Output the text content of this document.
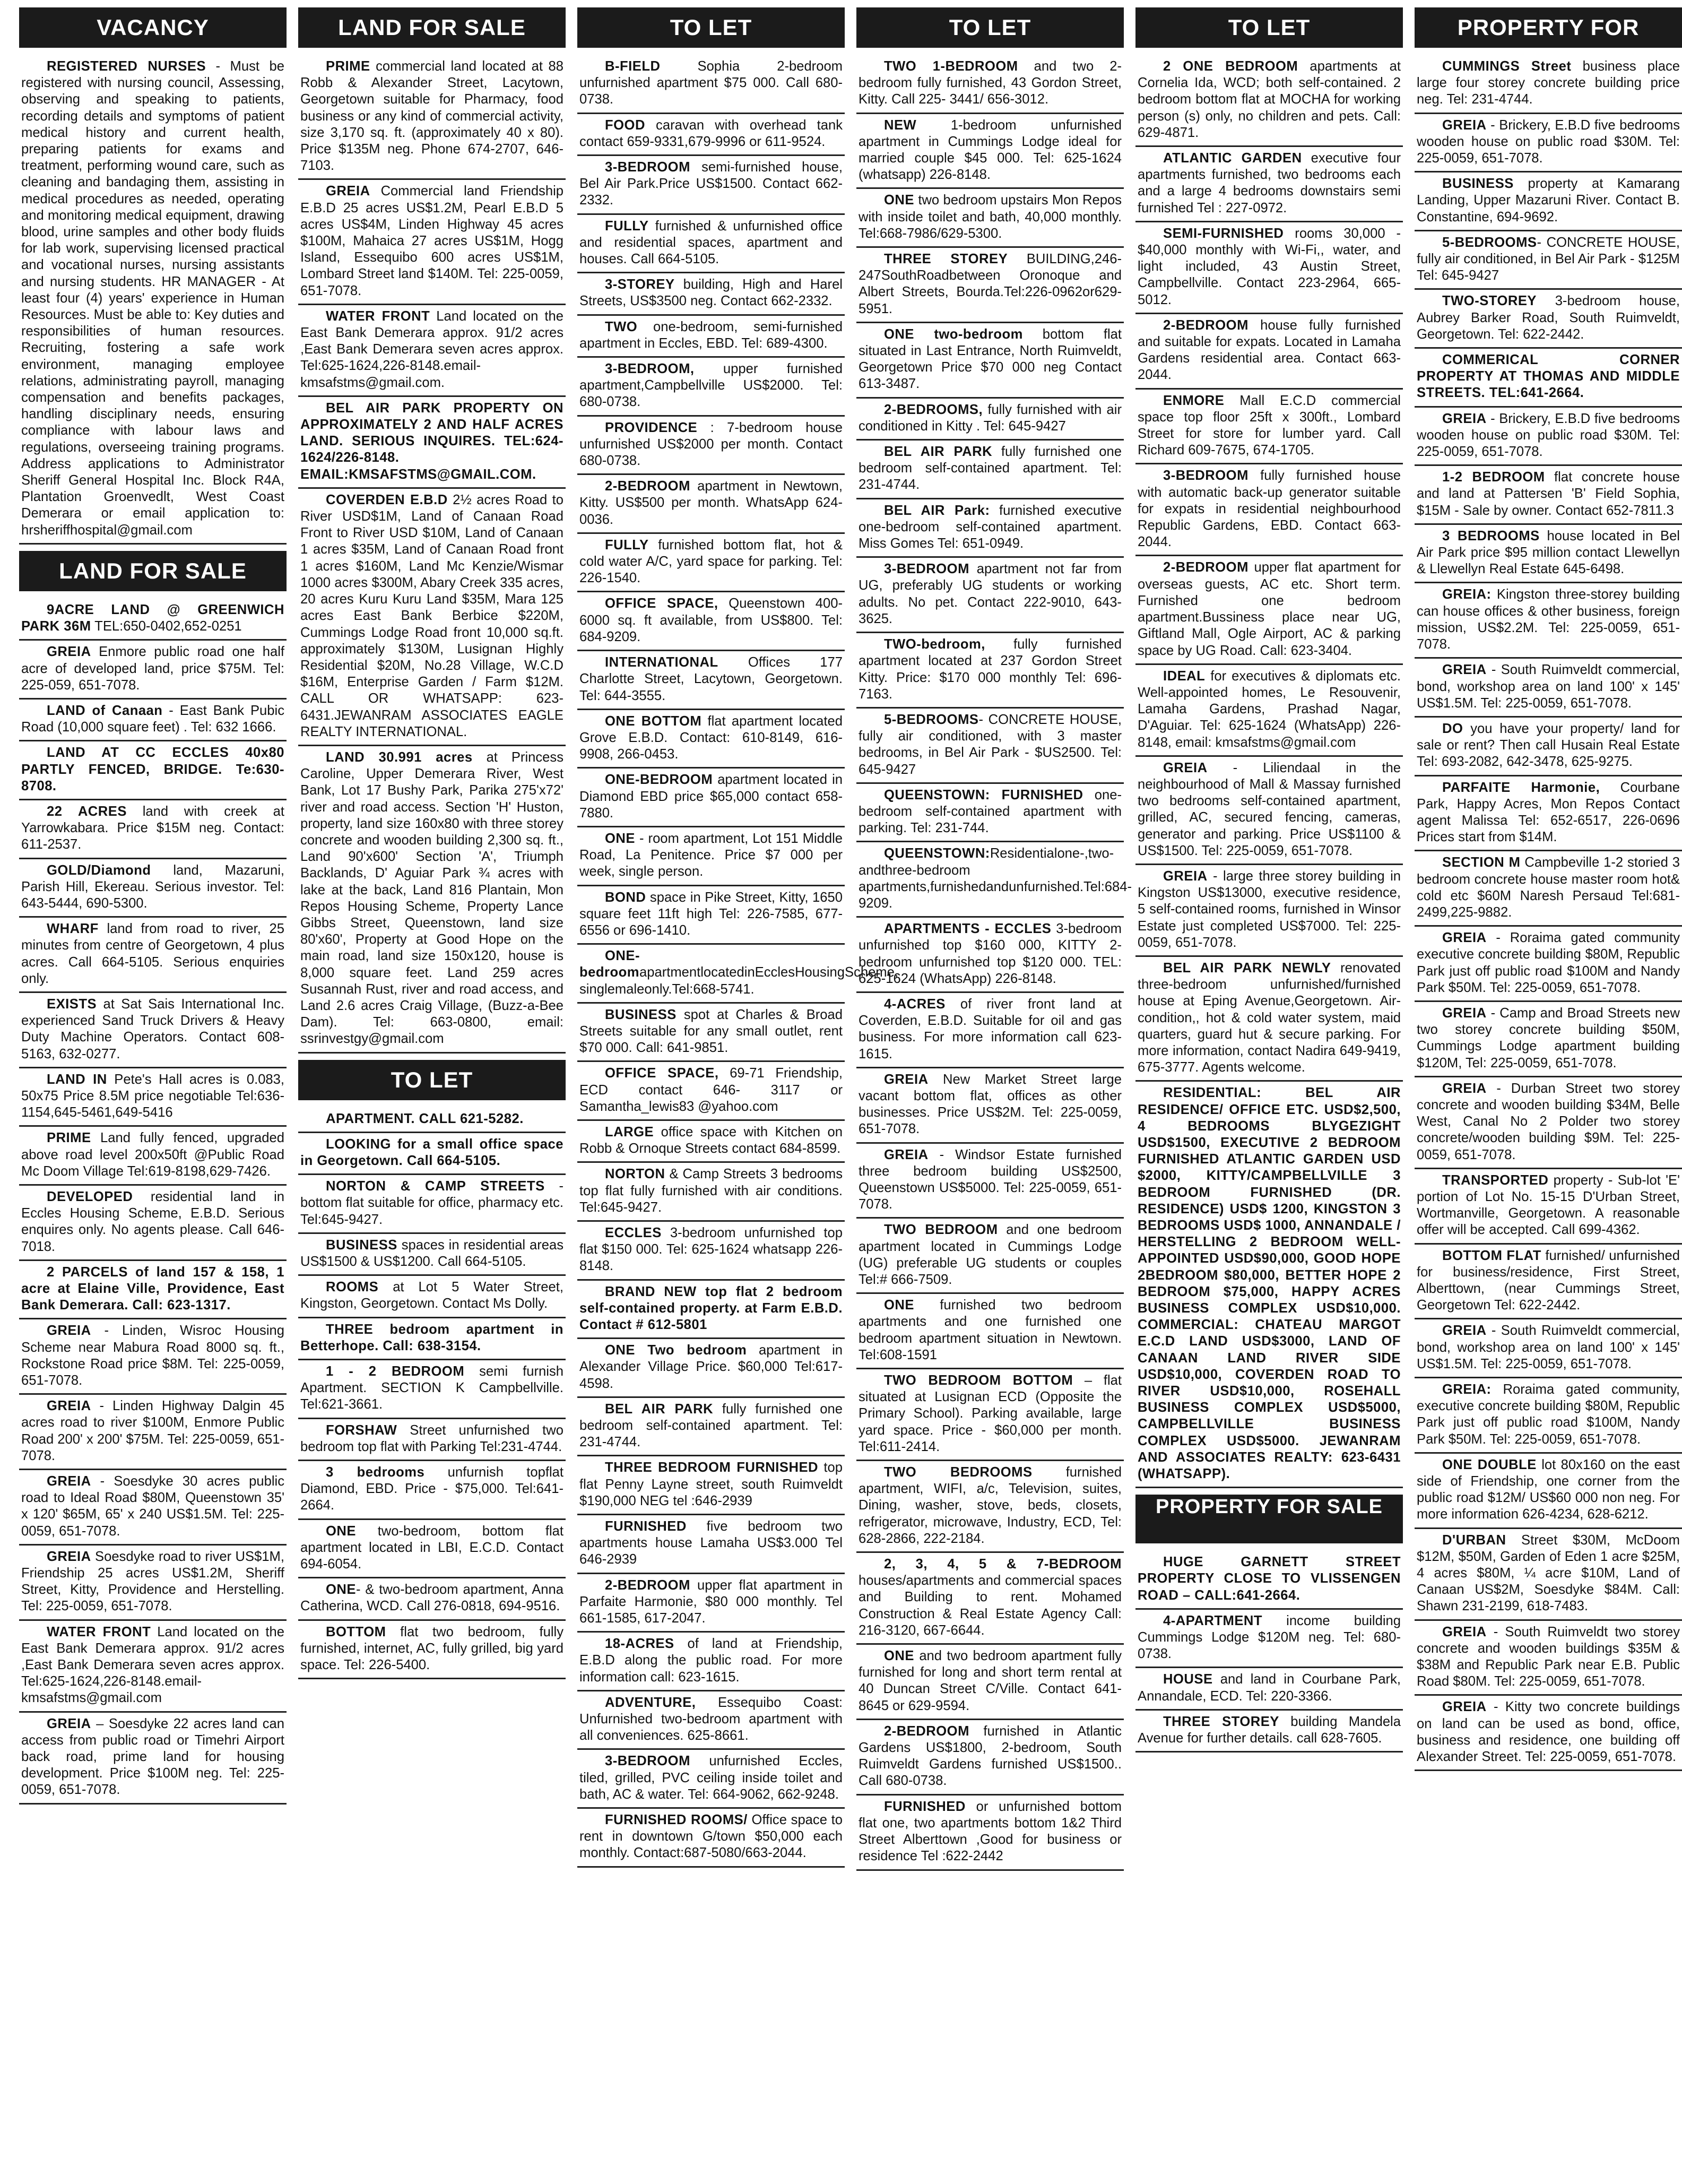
VACANCY
REGISTERED NURSES - Must be registered with nursing council, Assessing, observing and speaking to patients, recording details and symptoms of patient medical history and current health, preparing patients for exams and treatment, performing wound care, such as cleaning and bandaging them, assisting in medical procedures as needed, operating and monitoring medical equipment, drawing blood, urine samples and other body fluids for lab work, supervising licensed practical and vocational nurses, nursing assistants and nursing students. HR MANAGER - At least four (4) years' experience in Human Resources. Must be able to: Key duties and responsibilities of human resources. Recruiting, fostering a safe work environment, managing employee relations, administrating payroll, managing compensation and benefits packages, handling disciplinary needs, ensuring compliance with labour laws and regulations, overseeing training programs. Address applications to Administrator Sheriff General Hospital Inc. Block R4A, Plantation Groenvedlt, West Coast Demerara or email application to: hrsheriffhospital@gmail.com
LAND FOR SALE
9ACRE LAND @ GREENWICH PARK 36M TEL:650-0402,652-0251
GREIA Enmore public road one half acre of developed land, price $75M. Tel: 225-059, 651-7078.
LAND of Canaan - East Bank Pubic Road (10,000 square feet) . Tel: 632 1666.
LAND AT CC ECCLES 40x80 PARTLY FENCED, BRIDGE. Te:630-8708.
22 ACRES land with creek at Yarrowkabara. Price $15M neg. Contact: 611-2537.
GOLD/Diamond land, Mazaruni, Parish Hill, Ekereau. Serious investor. Tel: 643-5444, 690-5300.
WHARF land from road to river, 25 minutes from centre of Georgetown, 4 plus acres. Call 664-5105. Serious enquiries only.
EXISTS at Sat Sais International Inc. experienced Sand Truck Drivers & Heavy Duty Machine Operators. Contact 608-5163, 632-0277.
LAND IN Pete's Hall acres is 0.083, 50x75 Price 8.5M price negotiable Tel:636-1154,645-5461,649-5416
PRIME Land fully fenced, upgraded above road level 200x50ft @Public Road Mc Doom Village Tel:619-8198,629-7426.
DEVELOPED residential land in Eccles Housing Scheme, E.B.D. Serious enquires only. No agents please. Call 646-7018.
2 PARCELS of land 157 & 158, 1 acre at Elaine Ville, Providence, East Bank Demerara. Call: 623-1317.
GREIA - Linden, Wisroc Housing Scheme near Mabura Road 8000 sq. ft., Rockstone Road price $8M. Tel: 225-0059, 651-7078.
GREIA - Linden Highway Dalgin 45 acres road to river $100M, Enmore Public Road 200' x 200' $75M. Tel: 225-0059, 651-7078.
GREIA - Soesdyke 30 acres public road to Ideal Road $80M, Queenstown 35' x 120' $65M, 65' x 240 US$1.5M. Tel: 225-0059, 651-7078.
GREIA Soesdyke road to river US$1M, Friendship 25 acres US$1.2M, Sheriff Street, Kitty, Providence and Herstelling. Tel: 225-0059, 651-7078.
WATER FRONT Land located on the East Bank Demerara approx. 91/2 acres ,East Bank Demerara seven acres approx. Tel:625-1624,226-8148.email-kmsafstms@gmail.com
GREIA – Soesdyke 22 acres land can access from public road or Timehri Airport back road, prime land for housing development. Price $100M neg. Tel: 225-0059, 651-7078.
LAND FOR SALE
PRIME commercial land located at 88 Robb & Alexander Street, Lacytown, Georgetown suitable for Pharmacy, food business or any kind of commercial activity, size 3,170 sq. ft. (approximately 40 x 80). Price $135M neg. Phone 674-2707, 646-7103.
GREIA Commercial land Friendship E.B.D 25 acres US$1.2M, Pearl E.B.D 5 acres US$4M, Linden Highway 45 acres $100M, Mahaica 27 acres US$1M, Hogg Island, Essequibo 600 acres US$1M, Lombard Street land $140M. Tel: 225-0059, 651-7078.
WATER FRONT Land located on the East Bank Demerara approx. 91/2 acres ,East Bank Demerara seven acres approx. Tel:625-1624,226-8148.email-kmsafstms@gmail.com.
BEL AIR PARK PROPERTY ON APPROXIMATELY 2 AND HALF ACRES LAND. SERIOUS INQUIRES. TEL:624-1624/226-8148. EMAIL:KMSAFSTMS@GMAIL.COM.
COVERDEN E.B.D 2½ acres Road to River USD$1M, Land of Canaan Road Front to River USD $10M, Land of Canaan 1 acres $35M, Land of Canaan Road front 1 acres $160M, Land Mc Kenzie/Wismar 1000 acres $300M, Abary Creek 335 acres, 20 acres Kuru Kuru Land $35M, Mara 125 acres East Bank Berbice $220M, Cummings Lodge Road front 10,000 sq.ft. approximately $130M, Lusignan Highly Residential $20M, No.28 Village, W.C.D $16M, Enterprise Garden / Farm $12M. CALL OR WHATSAPP: 623-6431.JEWANRAM ASSOCIATES EAGLE REALTY INTERNATIONAL.
LAND 30.991 acres at Princess Caroline, Upper Demerara River, West Bank, Lot 17 Bushy Park, Parika 275'x72' river and road access. Section 'H' Huston, property, land size 160x80 with three storey concrete and wooden building 2,300 sq. ft., Land 90'x600' Section 'A', Triumph Backlands, D' Aguiar Park ¾ acres with lake at the back, Land 816 Plantain, Mon Repos Housing Scheme, Property Lance Gibbs Street, Queenstown, land size 80'x60', Property at Good Hope on the main road, land size 150x120, house is 8,000 square feet. Land 259 acres Susannah Rust, river and road access, and Land 2.6 acres Craig Village, (Buzz-a-Bee Dam). Tel: 663-0800, email: ssrinvestgy@gmail.com
TO LET
APARTMENT. CALL 621-5282.
LOOKING for a small office space in Georgetown. Call 664-5105.
NORTON & CAMP STREETS - bottom flat suitable for office, pharmacy etc. Tel:645-9427.
BUSINESS spaces in residential areas US$1500 & US$1200. Call 664-5105.
ROOMS at Lot 5 Water Street, Kingston, Georgetown. Contact Ms Dolly.
THREE bedroom apartment in Betterhope. Call: 638-3154.
1 - 2 BEDROOM semi furnish Apartment. SECTION K Campbellville. Tel:621-3661.
FORSHAW Street unfurnished two bedroom top flat with Parking Tel:231-4744.
3 bedrooms unfurnish topflat Diamond, EBD. Price - $75,000. Tel:641-2664.
ONE two-bedroom, bottom flat apartment located in LBI, E.C.D. Contact 694-6054.
ONE- & two-bedroom apartment, Anna Catherina, WCD. Call 276-0818, 694-9516.
BOTTOM flat two bedroom, fully furnished, internet, AC, fully grilled, big yard space. Tel: 226-5400.
TO LET
B-FIELD Sophia 2-bedroom unfurnished apartment $75 000. Call 680-0738.
FOOD caravan with overhead tank contact 659-9331,679-9996 or 611-9524.
3-BEDROOM semi-furnished house, Bel Air Park.Price US$1500. Contact 662-2332.
FULLY furnished & unfurnished office and residential spaces, apartment and houses. Call 664-5105.
3-STOREY building, High and Harel Streets, US$3500 neg. Contact 662-2332.
TWO one-bedroom, semi-furnished apartment in Eccles, EBD. Tel: 689-4300.
3-BEDROOM, upper furnished apartment,Campbellville US$2000. Tel: 680-0738.
PROVIDENCE : 7-bedroom house unfurnished US$2000 per month. Contact 680-0738.
2-BEDROOM apartment in Newtown, Kitty. US$500 per month. WhatsApp 624-0036.
FULLY furnished bottom flat, hot & cold water A/C, yard space for parking. Tel: 226-1540.
OFFICE SPACE, Queenstown 400-6000 sq. ft available, from US$800. Tel: 684-9209.
INTERNATIONAL Offices 177 Charlotte Street, Lacytown, Georgetown. Tel: 644-3555.
ONE BOTTOM flat apartment located Grove E.B.D. Contact: 610-8149, 616-9908, 266-0453.
ONE-BEDROOM apartment located in Diamond EBD price $65,000 contact 658-7880.
ONE - room apartment, Lot 151 Middle Road, La Penitence. Price $7 000 per week, single person.
BOND space in Pike Street, Kitty, 1650 square feet 11ft high Tel: 226-7585, 677-6556 or 696-1410.
ONE-bedroomapartmentlocatedinEcclesHousingScheme, singlemaleonly.Tel:668-5741.
BUSINESS spot at Charles & Broad Streets suitable for any small outlet, rent $70 000. Call: 641-9851.
OFFICE SPACE, 69-71 Friendship, ECD contact 646- 3117 or Samantha_lewis83 @yahoo.com
LARGE office space with Kitchen on Robb & Ornoque Streets contact 684-8599.
NORTON & Camp Streets 3 bedrooms top flat fully furnished with air conditions. Tel:645-9427.
ECCLES 3-bedroom unfurnished top flat $150 000. Tel: 625-1624 whatsapp 226-8148.
BRAND NEW top flat 2 bedroom self-contained property. at Farm E.B.D. Contact # 612-5801
ONE Two bedroom apartment in Alexander Village Price. $60,000 Tel:617-4598.
BEL AIR PARK fully furnished one bedroom self-contained apartment. Tel: 231-4744.
THREE BEDROOM FURNISHED top flat Penny Layne street, south Ruimveldt $190,000 NEG tel :646-2939
FURNISHED five bedroom two apartments house Lamaha US$3.000 Tel 646-2939
2-BEDROOM upper flat apartment in Parfaite Harmonie, $80 000 monthly. Tel 661-1585, 617-2047.
18-ACRES of land at Friendship, E.B.D along the public road. For more information call: 623-1615.
ADVENTURE, Essequibo Coast: Unfurnished two-bedroom apartment with all conveniences. 625-8661.
3-BEDROOM unfurnished Eccles, tiled, grilled, PVC ceiling inside toilet and bath, AC & water. Tel: 664-9062, 662-9248.
FURNISHED ROOMS/ Office space to rent in downtown G/town $50,000 each monthly. Contact:687-5080/663-2044.
TO LET
TWO 1-BEDROOM and two 2-bedroom fully furnished, 43 Gordon Street, Kitty. Call 225- 3441/ 656-3012.
NEW 1-bedroom unfurnished apartment in Cummings Lodge ideal for married couple $45 000. Tel: 625-1624 (whatsapp) 226-8148.
ONE two bedroom upstairs Mon Repos with inside toilet and bath, 40,000 monthly. Tel:668-7986/629-5300.
THREE STOREY BUILDING,246-247SouthRoadbetween Oronoque and Albert Streets, Bourda.Tel:226-0962or629-5951.
ONE two-bedroom bottom flat situated in Last Entrance, North Ruimveldt, Georgetown Price $70 000 neg Contact 613-3487.
2-BEDROOMS, fully furnished with air conditioned in Kitty . Tel: 645-9427
BEL AIR PARK fully furnished one bedroom self-contained apartment. Tel: 231-4744.
BEL AIR Park: furnished executive one-bedroom self-contained apartment. Miss Gomes Tel: 651-0949.
3-BEDROOM apartment not far from UG, preferably UG students or working adults. No pet. Contact 222-9010, 643-3625.
TWO-bedroom, fully furnished apartment located at 237 Gordon Street Kitty. Price: $170 000 monthly Tel: 696-7163.
5-BEDROOMS- CONCRETE HOUSE, fully air conditioned, with 3 master bedrooms, in Bel Air Park - $US2500. Tel: 645-9427
QUEENSTOWN: FURNISHED one-bedroom self-contained apartment with parking. Tel: 231-744.
QUEENSTOWN:Residentialone-,two-andthree-bedroom apartments,furnishedandunfurnished.Tel:684-9209.
APARTMENTS - ECCLES 3-bedroom unfurnished top $160 000, KITTY 2-bedroom unfurnished top $120 000. TEL: 625-1624 (WhatsApp) 226-8148.
4-ACRES of river front land at Coverden, E.B.D. Suitable for oil and gas business. For more information call 623-1615.
GREIA New Market Street large vacant bottom flat, offices as other businesses. Price US$2M. Tel: 225-0059, 651-7078.
GREIA - Windsor Estate furnished three bedroom building US$2500, Queenstown US$5000. Tel: 225-0059, 651-7078.
TWO BEDROOM and one bedroom apartment located in Cummings Lodge (UG) preferable UG students or couples Tel:# 666-7509.
ONE furnished two bedroom apartments and one furnished one bedroom apartment situation in Newtown. Tel:608-1591
TWO BEDROOM BOTTOM – flat situated at Lusignan ECD (Opposite the Primary School). Parking available, large yard space. Price - $60,000 per month. Tel:611-2414.
TWO BEDROOMS furnished apartment, WIFI, a/c, Television, suites, Dining, washer, stove, beds, closets, refrigerator, microwave, Industry, ECD, Tel: 628-2866, 222-2184.
2, 3, 4, 5 & 7-BEDROOM houses/apartments and commercial spaces and Building to rent. Mohamed Construction & Real Estate Agency Call: 216-3120, 667-6644.
ONE and two bedroom apartment fully furnished for long and short term rental at 40 Duncan Street C/Ville. Contact 641-8645 or 629-9594.
2-BEDROOM furnished in Atlantic Gardens US$1800, 2-bedroom, South Ruimveldt Gardens furnished US$1500.. Call 680-0738.
FURNISHED or unfurnished bottom flat one, two apartments bottom 1&2 Third Street Alberttown ,Good for business or residence Tel :622-2442
TO LET
2 ONE BEDROOM apartments at Cornelia Ida, WCD; both self-contained. 2 bedroom bottom flat at MOCHA for working person (s) only, no children and pets. Call: 629-4871.
ATLANTIC GARDEN executive four apartments furnished, two bedrooms each and a large 4 bedrooms downstairs semi furnished Tel : 227-0972.
SEMI-FURNISHED rooms 30,000 - $40,000 monthly with Wi-Fi,, water, and light included, 43 Austin Street, Campbellville. Contact 223-2964, 665-5012.
2-BEDROOM house fully furnished and suitable for expats. Located in Lamaha Gardens residential area. Contact 663-2044.
ENMORE Mall E.C.D commercial space top floor 25ft x 300ft., Lombard Street for store for lumber yard. Call Richard 609-7675, 674-1705.
3-BEDROOM fully furnished house with automatic back-up generator suitable for expats in residential neighbourhood Republic Gardens, EBD. Contact 663-2044.
2-BEDROOM upper flat apartment for overseas guests, AC etc. Short term. Furnished one bedroom apartment.Bussiness place near UG, Giftland Mall, Ogle Airport, AC & parking space by UG Road. Call: 623-3404.
IDEAL for executives & diplomats etc. Well-appointed homes, Le Resouvenir, Lamaha Gardens, Prashad Nagar, D'Aguiar. Tel: 625-1624 (WhatsApp) 226-8148, email: kmsafstms@gmail.com
GREIA - Liliendaal in the neighbourhood of Mall & Massay furnished two bedrooms self-contained apartment, grilled, AC, secured fencing, cameras, generator and parking. Price US$1100 & US$1500. Tel: 225-0059, 651-7078.
GREIA - large three storey building in Kingston US$13000, executive residence, 5 self-contained rooms, furnished in Winsor Estate just completed US$7000. Tel: 225-0059, 651-7078.
BEL AIR PARK NEWLY renovated three-bedroom unfurnished/furnished house at Eping Avenue,Georgetown. Air-condition,, hot & cold water system, maid quarters, guard hut & secure parking. For more information, contact Nadira 649-9419, 675-3777. Agents welcome.
RESIDENTIAL: BEL AIR RESIDENCE/ OFFICE ETC. USD$2,500, 4 BEDROOMS BLYGEZIGHT USD$1500, EXECUTIVE 2 BEDROOM FURNISHED ATLANTIC GARDEN USD $2000, KITTY/CAMPBELLVILLE 3 BEDROOM FURNISHED (DR. RESIDENCE) USD$ 1200, KINGSTON 3 BEDROOMS USD$ 1000, ANNANDALE / HERSTELLING 2 BEDROOM WELL- APPOINTED USD$90,000, GOOD HOPE 2BEDROOM $80,000, BETTER HOPE 2 BEDROOM $75,000, HAPPY ACRES BUSINESS COMPLEX USD$10,000. COMMERCIAL: CHATEAU MARGOT E.C.D LAND USD$3000, LAND OF CANAAN LAND RIVER SIDE USD$10,000, COVERDEN ROAD TO RIVER USD$10,000, ROSEHALL BUSINESS COMPLEX USD$5000, CAMPBELLVILLE BUSINESS COMPLEX USD$5000. JEWANRAM AND ASSOCIATES REALTY: 623-6431 (WHATSAPP).
PROPERTY FOR SALE
HUGE GARNETT STREET PROPERTY CLOSE TO VLISSENGEN ROAD – CALL:641-2664.
4-APARTMENT income building Cummings Lodge $120M neg. Tel: 680-0738.
HOUSE and land in Courbane Park, Annandale, ECD. Tel: 220-3366.
THREE STOREY building Mandela Avenue for further details. call 628-7605.
PROPERTY FOR
CUMMINGS Street business place large four storey concrete building price neg. Tel: 231-4744.
GREIA - Brickery, E.B.D five bedrooms wooden house on public road $30M. Tel: 225-0059, 651-7078.
BUSINESS property at Kamarang Landing, Upper Mazaruni River. Contact B. Constantine, 694-9692.
5-BEDROOMS- CONCRETE HOUSE, fully air conditioned, in Bel Air Park - $125M Tel: 645-9427
TWO-STOREY 3-bedroom house, Aubrey Barker Road, South Ruimveldt, Georgetown. Tel: 622-2442.
COMMERICAL CORNER PROPERTY AT THOMAS AND MIDDLE STREETS. TEL:641-2664.
GREIA - Brickery, E.B.D five bedrooms wooden house on public road $30M. Tel: 225-0059, 651-7078.
1-2 BEDROOM flat concrete house and land at Pattersen 'B' Field Sophia, $15M - Sale by owner. Contact 652-7811.3
3 BEDROOMS house located in Bel Air Park price $95 million contact Llewellyn & Llewellyn Real Estate 645-6498.
GREIA: Kingston three-storey building can house offices & other business, foreign mission, US$2.2M. Tel: 225-0059, 651-7078.
GREIA - South Ruimveldt commercial, bond, workshop area on land 100' x 145' US$1.5M. Tel: 225-0059, 651-7078.
DO you have your property/ land for sale or rent? Then call Husain Real Estate Tel: 693-2082, 642-3478, 625-9275.
PARFAITE Harmonie, Courbane Park, Happy Acres, Mon Repos Contact agent Malissa Tel: 652-6517, 226-0696 Prices start from $14M.
SECTION M Campbeville 1-2 storied 3 bedroom concrete house master room hot& cold etc $60M Naresh Persaud Tel:681-2499,225-9882.
GREIA - Roraima gated community executive concrete building $80M, Republic Park just off public road $100M and Nandy Park $50M. Tel: 225-0059, 651-7078.
GREIA - Camp and Broad Streets new two storey concrete building $50M, Cummings Lodge apartment building $120M, Tel: 225-0059, 651-7078.
GREIA - Durban Street two storey concrete and wooden building $34M, Belle West, Canal No 2 Polder two storey concrete/wooden building $9M. Tel: 225-0059, 651-7078.
TRANSPORTED property - Sub-lot 'E' portion of Lot No. 15-15 D'Urban Street, Wortmanville, Georgetown. A reasonable offer will be accepted. Call 699-4362.
BOTTOM FLAT furnished/ unfurnished for business/residence, First Street, Alberttown, (near Cummings Street, Georgetown Tel: 622-2442.
GREIA - South Ruimveldt commercial, bond, workshop area on land 100' x 145' US$1.5M. Tel: 225-0059, 651-7078.
GREIA: Roraima gated community, executive concrete building $80M, Republic Park just off public road $100M, Nandy Park $50M. Tel: 225-0059, 651-7078.
ONE DOUBLE lot 80x160 on the east side of Friendship, one corner from the public road $12M/ US$60 000 non neg. For more information 626-4234, 628-6212.
D'URBAN Street $30M, McDoom $12M, $50M, Garden of Eden 1 acre $25M, 4 acres $80M, ¼ acre $10M, Land of Canaan US$2M, Soesdyke $84M. Call: Shawn 231-2199, 618-7483.
GREIA - South Ruimveldt two storey concrete and wooden buildings $35M & $38M and Republic Park near E.B. Public Road $80M. Tel: 225-0059, 651-7078.
GREIA - Kitty two concrete buildings on land can be used as bond, office, business and residence, one building off Alexander Street. Tel: 225-0059, 651-7078.
